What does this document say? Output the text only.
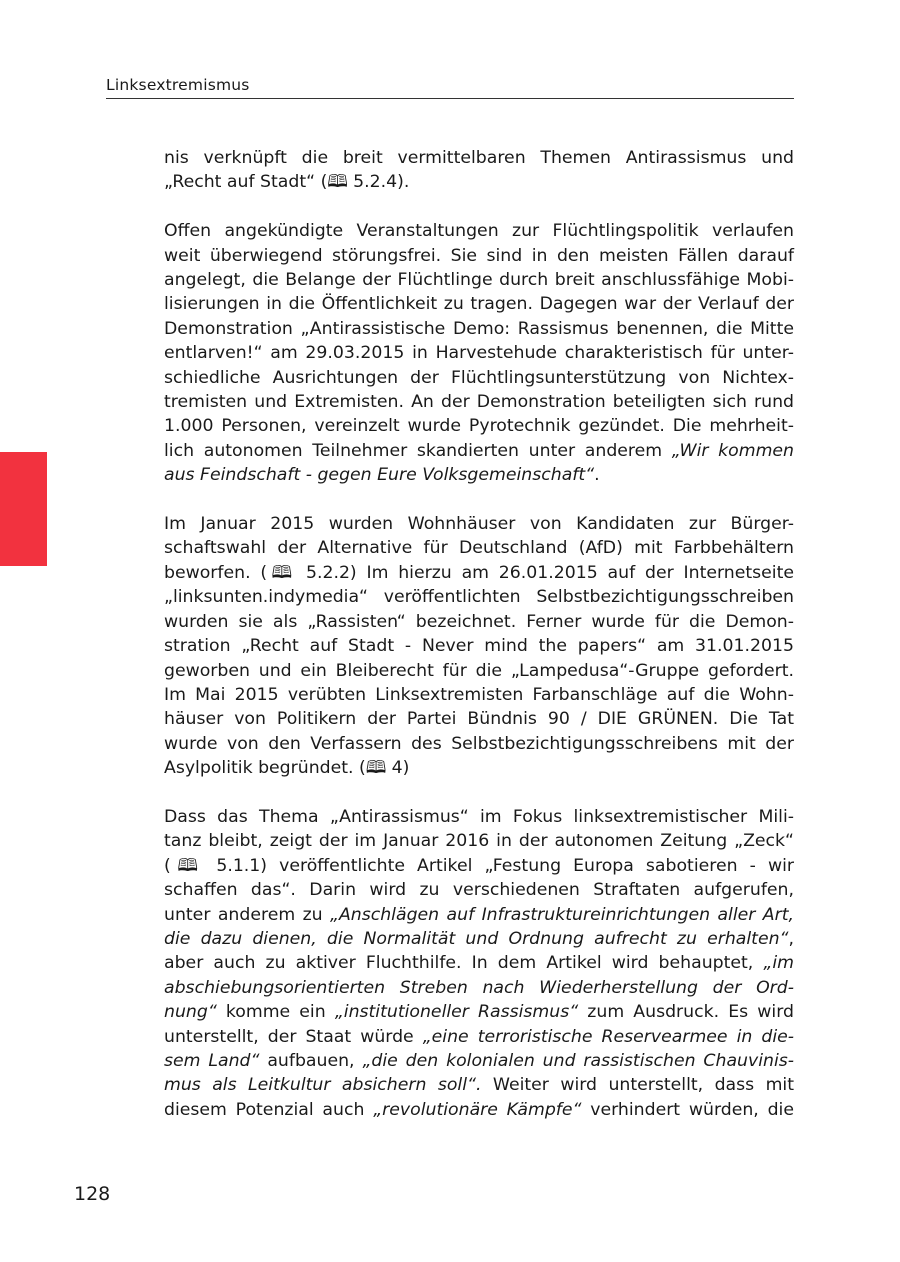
Linksextremismus

nis verknüpft die breit vermittelbaren Themen Antirassismus und
„Recht auf Stadt“ (🕮 5.2.4).

Offen angekündigte Veranstaltungen zur Flüchtlingspolitik verlaufen
weit überwiegend störungsfrei. Sie sind in den meisten Fällen darauf
angelegt, die Belange der Flüchtlinge durch breit anschlussfähige Mobi-
lisierungen in die Öffentlichkeit zu tragen. Dagegen war der Verlauf der
Demonstration „Antirassistische Demo: Rassismus benennen, die Mitte
entlarven!“ am 29.03.2015 in Harvestehude charakteristisch für unter-
schiedliche Ausrichtungen der Flüchtlingsunterstützung von Nichtex-
tremisten und Extremisten. An der Demonstration beteiligten sich rund
1.000 Personen, vereinzelt wurde Pyrotechnik gezündet. Die mehrheit-
lich autonomen Teilnehmer skandierten unter anderem „Wir kommen
aus Feindschaft - gegen Eure Volksgemeinschaft“.

Im Januar 2015 wurden Wohnhäuser von Kandidaten zur Bürger-
schaftswahl der Alternative für Deutschland (AfD) mit Farbbehältern
beworfen. (🕮 5.2.2) Im hierzu am 26.01.2015 auf der Internetseite
„linksunten.indymedia“ veröffentlichten Selbstbezichtigungsschreiben
wurden sie als „Rassisten“ bezeichnet. Ferner wurde für die Demon-
stration „Recht auf Stadt - Never mind the papers“ am 31.01.2015
geworben und ein Bleiberecht für die „Lampedusa“-Gruppe gefordert.
Im Mai 2015 verübten Linksextremisten Farbanschläge auf die Wohn-
häuser von Politikern der Partei Bündnis 90 / DIE GRÜNEN. Die Tat
wurde von den Verfassern des Selbstbezichtigungsschreibens mit der
Asylpolitik begründet. (🕮 4)

Dass das Thema „Antirassismus“ im Fokus linksextremistischer Mili-
tanz bleibt, zeigt der im Januar 2016 in der autonomen Zeitung „Zeck“
(🕮 5.1.1) veröffentlichte Artikel „Festung Europa sabotieren - wir
schaffen das“. Darin wird zu verschiedenen Straftaten aufgerufen,
unter anderem zu „Anschlägen auf Infrastruktureinrichtungen aller Art,
die dazu dienen, die Normalität und Ordnung aufrecht zu erhalten“,
aber auch zu aktiver Fluchthilfe. In dem Artikel wird behauptet, „im
abschiebungsorientierten Streben nach Wiederherstellung der Ord-
nung“ komme ein „institutioneller Rassismus“ zum Ausdruck. Es wird
unterstellt, der Staat würde „eine terroristische Reservearmee in die-
sem Land“ aufbauen, „die den kolonialen und rassistischen Chauvinis-
mus als Leitkultur absichern soll“. Weiter wird unterstellt, dass mit
diesem Potenzial auch „revolutionäre Kämpfe“ verhindert würden, die

128
